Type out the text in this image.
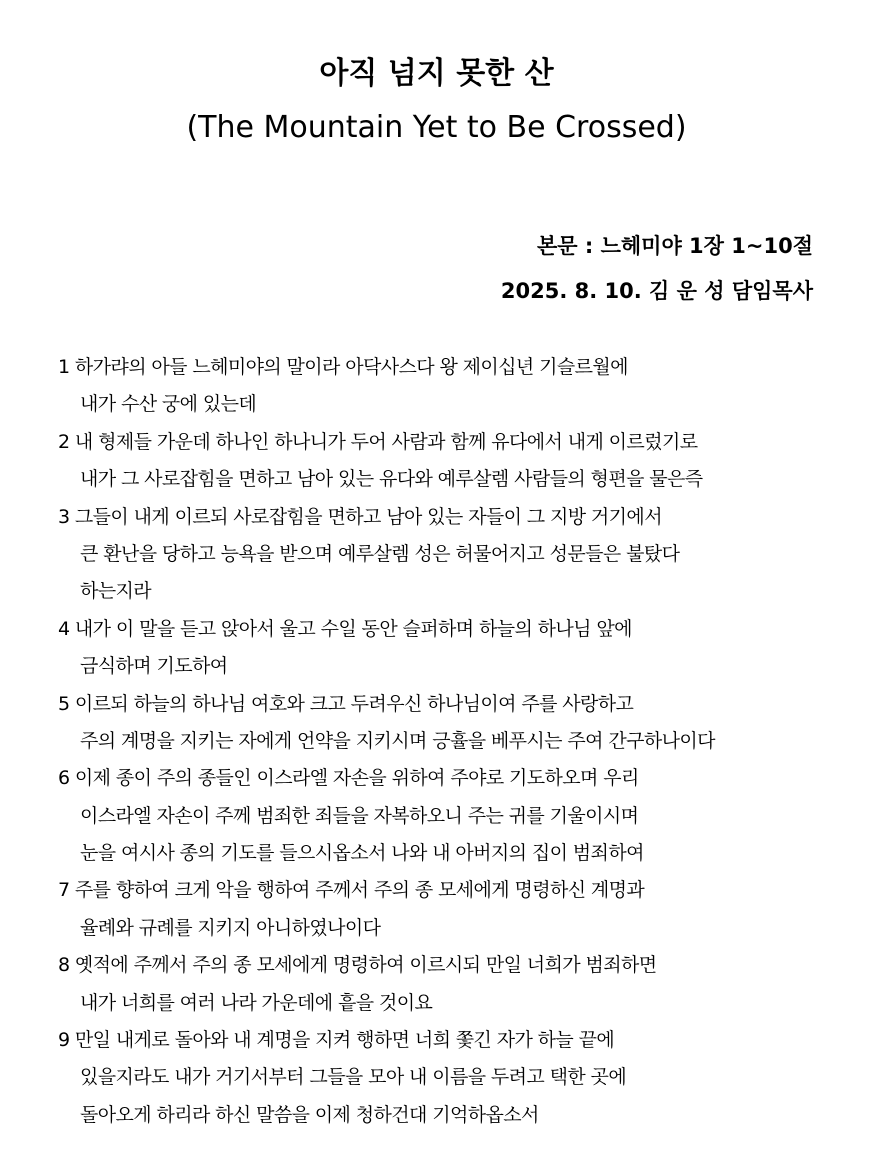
아직 넘지 못한 산
(The Mountain Yet to Be Crossed)

본문 : 느헤미야 1장 1~10절

2025. 8. 10. 김 운 성 담임목사

1 하가랴의 아들 느헤미야의 말이라 아닥사스다 왕 제이십년 기슬르월에
내가 수산 궁에 있는데
2 내 형제들 가운데 하나인 하나니가 두어 사람과 함께 유다에서 내게 이르렀기로
내가 그 사로잡힘을 면하고 남아 있는 유다와 예루살렘 사람들의 형편을 물은즉
3 그들이 내게 이르되 사로잡힘을 면하고 남아 있는 자들이 그 지방 거기에서
큰 환난을 당하고 능욕을 받으며 예루살렘 성은 허물어지고 성문들은 불탔다
하는지라
4 내가 이 말을 듣고 앉아서 울고 수일 동안 슬퍼하며 하늘의 하나님 앞에
금식하며 기도하여
5 이르되 하늘의 하나님 여호와 크고 두려우신 하나님이여 주를 사랑하고
주의 계명을 지키는 자에게 언약을 지키시며 긍휼을 베푸시는 주여 간구하나이다
6 이제 종이 주의 종들인 이스라엘 자손을 위하여 주야로 기도하오며 우리
이스라엘 자손이 주께 범죄한 죄들을 자복하오니 주는 귀를 기울이시며
눈을 여시사 종의 기도를 들으시옵소서 나와 내 아버지의 집이 범죄하여
7 주를 향하여 크게 악을 행하여 주께서 주의 종 모세에게 명령하신 계명과
율례와 규례를 지키지 아니하였나이다
8 옛적에 주께서 주의 종 모세에게 명령하여 이르시되 만일 너희가 범죄하면
내가 너희를 여러 나라 가운데에 흩을 것이요
9 만일 내게로 돌아와 내 계명을 지켜 행하면 너희 쫓긴 자가 하늘 끝에
있을지라도 내가 거기서부터 그들을 모아 내 이름을 두려고 택한 곳에
돌아오게 하리라 하신 말씀을 이제 청하건대 기억하옵소서
